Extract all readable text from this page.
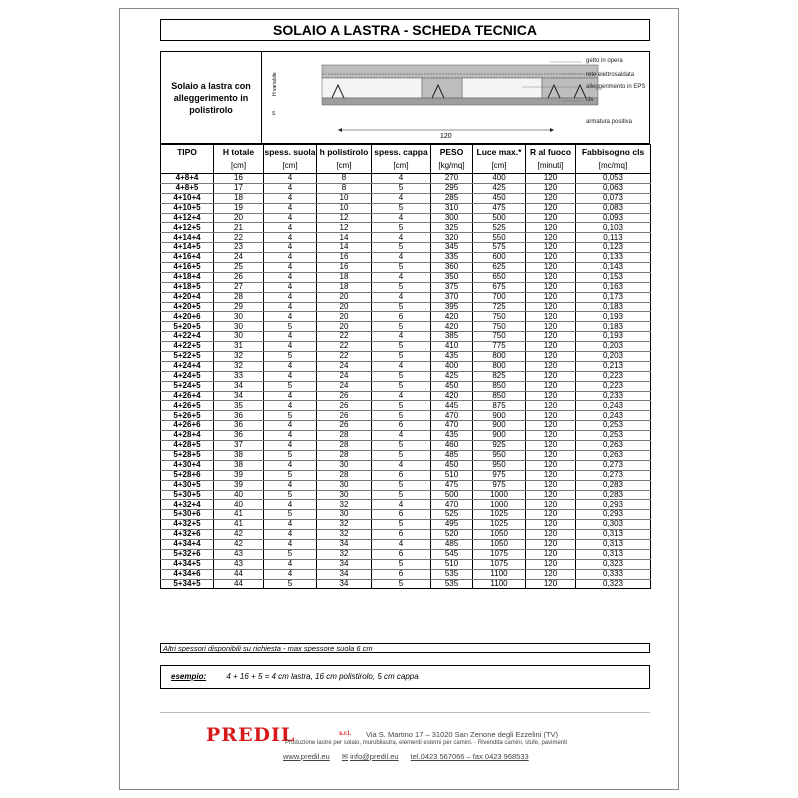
SOLAIO A LASTRA - SCHEDA TECNICA
Solaio a lastra con alleggerimento in polistirolo
120
H variabile
S
getto in opera
rete elettrosaldata
alleggerimento in EPS
cls
armatura positiva
TIPO	H totale	spess. suola	h polistirolo	spess. cappa	PESO	Luce max.*	R al fuoco	Fabbisogno cls
	[cm]	[cm]	[cm]	[cm]	[kg/mq]	[cm]	[minuti]	[mc/mq]
4+8+4	16	4	8	4	270	400	120	0,053
4+8+5	17	4	8	5	295	425	120	0,063
4+10+4	18	4	10	4	285	450	120	0,073
4+10+5	19	4	10	5	310	475	120	0,083
4+12+4	20	4	12	4	300	500	120	0,093
4+12+5	21	4	12	5	325	525	120	0,103
4+14+4	22	4	14	4	320	550	120	0,113
4+14+5	23	4	14	5	345	575	120	0,123
4+16+4	24	4	16	4	335	600	120	0,133
4+16+5	25	4	16	5	360	625	120	0,143
4+18+4	26	4	18	4	350	650	120	0,153
4+18+5	27	4	18	5	375	675	120	0,163
4+20+4	28	4	20	4	370	700	120	0,173
4+20+5	29	4	20	5	395	725	120	0,183
4+20+6	30	4	20	6	420	750	120	0,193
5+20+5	30	5	20	5	420	750	120	0,183
4+22+4	30	4	22	4	385	750	120	0,193
4+22+5	31	4	22	5	410	775	120	0,203
5+22+5	32	5	22	5	435	800	120	0,203
4+24+4	32	4	24	4	400	800	120	0,213
4+24+5	33	4	24	5	425	825	120	0,223
5+24+5	34	5	24	5	450	850	120	0,223
4+26+4	34	4	26	4	420	850	120	0,233
4+26+5	35	4	26	5	445	875	120	0,243
5+26+5	36	5	26	5	470	900	120	0,243
4+26+6	36	4	26	6	470	900	120	0,253
4+28+4	36	4	28	4	435	900	120	0,253
4+28+5	37	4	28	5	460	925	120	0,263
5+28+5	38	5	28	5	485	950	120	0,263
4+30+4	38	4	30	4	450	950	120	0,273
5+28+6	39	5	28	6	510	975	120	0,273
4+30+5	39	4	30	5	475	975	120	0,283
5+30+5	40	5	30	5	500	1000	120	0,283
4+32+4	40	4	32	4	470	1000	120	0,293
5+30+6	41	5	30	6	525	1025	120	0,293
4+32+5	41	4	32	5	495	1025	120	0,303
4+32+6	42	4	32	6	520	1050	120	0,313
4+34+4	42	4	34	4	485	1050	120	0,313
5+32+6	43	5	32	6	545	1075	120	0,313
4+34+5	43	4	34	5	510	1075	120	0,323
4+34+6	44	4	34	6	535	1100	120	0,333
5+34+5	44	5	34	5	535	1100	120	0,323
Altri spessori disponibili su richiesta - max spessore suola 6 cm
esempio:	4 + 16 + 5 = 4 cm lastra, 16 cm polistirolo, 5 cm cappa
PREDIL	s.r.l. Via S. Martino 17 – 31020 San Zenone degli Ezzelini (TV)
Produzione lastre per solaio, murobilastra, elementi esterni per camini. - Rivendita camini, stufe, pavimenti
www.predil.eu ✉ info@predil.eu tel.0423 567066 – fax 0423 968533
